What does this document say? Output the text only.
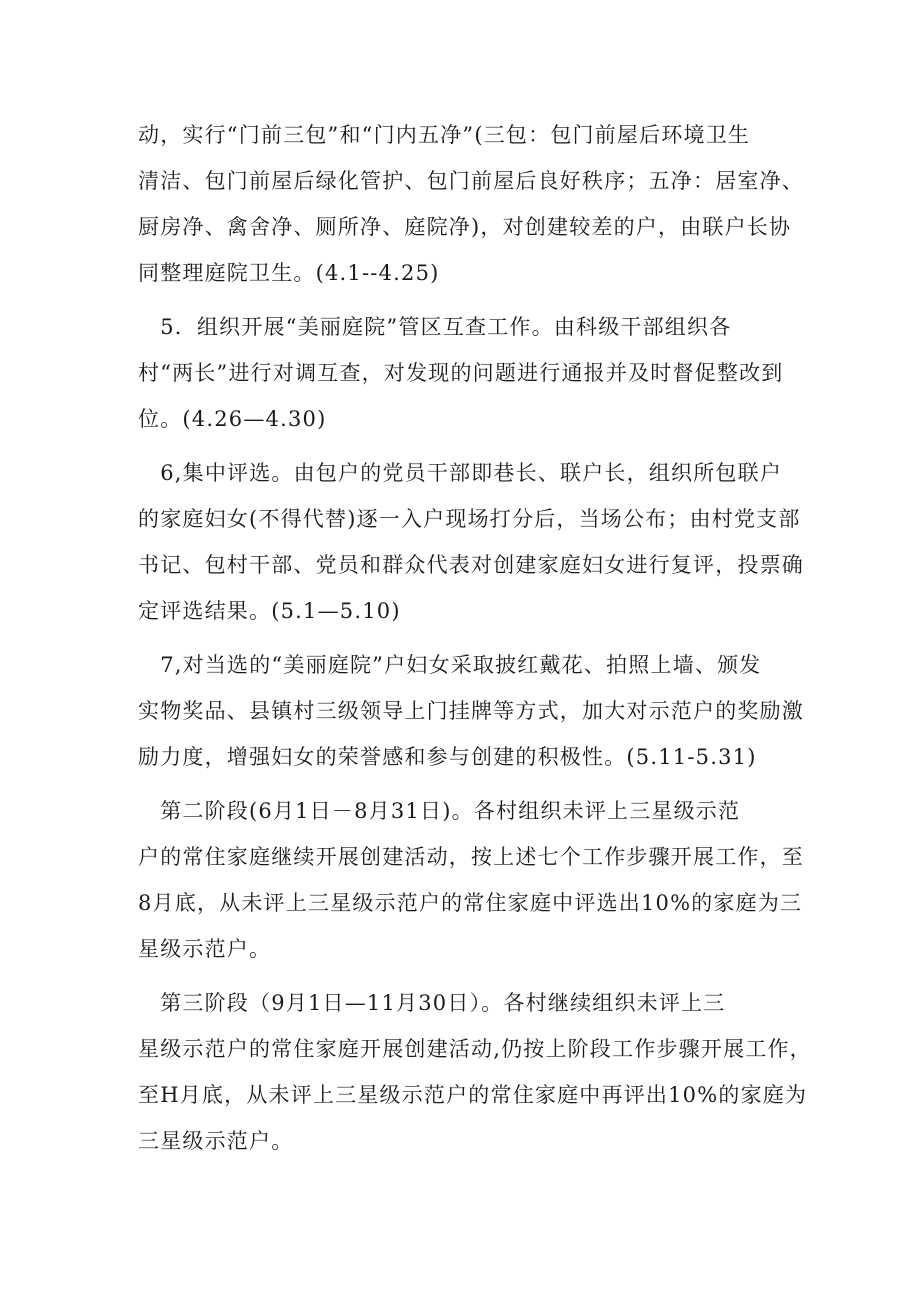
动，实行“门前三包”和“门内五净”(三包：包门前屋后环境卫生
清洁、包门前屋后绿化管护、包门前屋后良好秩序；五净：居室净、
厨房净、禽舍净、厕所净、庭院净)，对创建较差的户，由联户长协
同整理庭院卫生。(4.1--4.25)

　5．组织开展“美丽庭院”管区互查工作。由科级干部组织各
村“两长”进行对调互查，对发现的问题进行通报并及时督促整改到
位。(4.26—4.30)

　6,集中评选。由包户的党员干部即巷长、联户长，组织所包联户
的家庭妇女(不得代替)逐一入户现场打分后，当场公布；由村党支部
书记、包村干部、党员和群众代表对创建家庭妇女进行复评，投票确
定评选结果。(5.1—5.10)

　7,对当选的“美丽庭院”户妇女采取披红戴花、拍照上墙、颁发
实物奖品、县镇村三级领导上门挂牌等方式，加大对示范户的奖励激
励力度，增强妇女的荣誉感和参与创建的积极性。(5.11-5.31)

　第二阶段(6月1日－8月31日)。各村组织未评上三星级示范
户的常住家庭继续开展创建活动，按上述七个工作步骤开展工作，至
8月底，从未评上三星级示范户的常住家庭中评选出10%的家庭为三
星级示范户。

　第三阶段（9月1日—11月30日）。各村继续组织未评上三
星级示范户的常住家庭开展创建活动,仍按上阶段工作步骤开展工作，
至H月底，从未评上三星级示范户的常住家庭中再评出10%的家庭为
三星级示范户。
